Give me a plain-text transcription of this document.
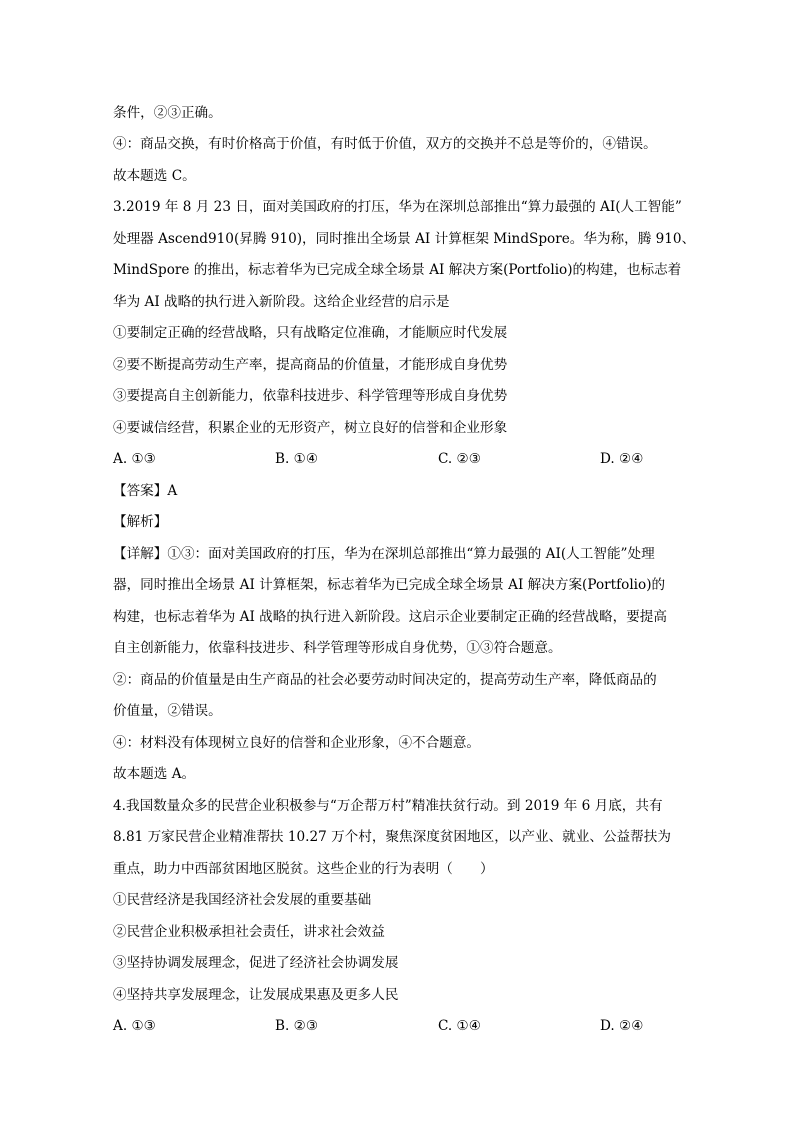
条件，②③正确。
④：商品交换，有时价格高于价值，有时低于价值，双方的交换并不总是等价的，④错误。
故本题选 C。
3.2019 年 8 月 23 日，面对美国政府的打压，华为在深圳总部推出“算力最强的 AI(人工智能”
处理器 Ascend910(昇腾 910)，同时推出全场景 AI 计算框架 MindSpore。华为称，腾 910、
MindSpore 的推出，标志着华为已完成全球全场景 AI 解决方案(Portfolio)的构建，也标志着
华为 AI 战略的执行进入新阶段。这给企业经营的启示是
①要制定正确的经营战略，只有战略定位准确，才能顺应时代发展
②要不断提高劳动生产率，提高商品的价值量，才能形成自身优势
③要提高自主创新能力，依靠科技进步、科学管理等形成自身优势
④要诚信经营，积累企业的无形资产，树立良好的信誉和企业形象
A. ①③	B. ①④	C. ②③	D. ②④
【答案】A
【解析】
【详解】①③：面对美国政府的打压，华为在深圳总部推出“算力最强的 AI(人工智能”处理
器，同时推出全场景 AI 计算框架，标志着华为已完成全球全场景 AI 解决方案(Portfolio)的
构建，也标志着华为 AI 战略的执行进入新阶段。这启示企业要制定正确的经营战略，要提高
自主创新能力，依靠科技进步、科学管理等形成自身优势，①③符合题意。
②：商品的价值量是由生产商品的社会必要劳动时间决定的，提高劳动生产率，降低商品的
价值量，②错误。
④：材料没有体现树立良好的信誉和企业形象，④不合题意。
故本题选 A。
4.我国数量众多的民营企业积极参与“万企帮万村”精准扶贫行动。到 2019 年 6 月底，共有
8.81 万家民营企业精准帮扶 10.27 万个村，聚焦深度贫困地区，以产业、就业、公益帮扶为
重点，助力中西部贫困地区脱贫。这些企业的行为表明（　　）
①民营经济是我国经济社会发展的重要基础
②民营企业积极承担社会责任，讲求社会效益
③坚持协调发展理念，促进了经济社会协调发展
④坚持共享发展理念，让发展成果惠及更多人民
A. ①③	B. ②③	C. ①④	D. ②④
